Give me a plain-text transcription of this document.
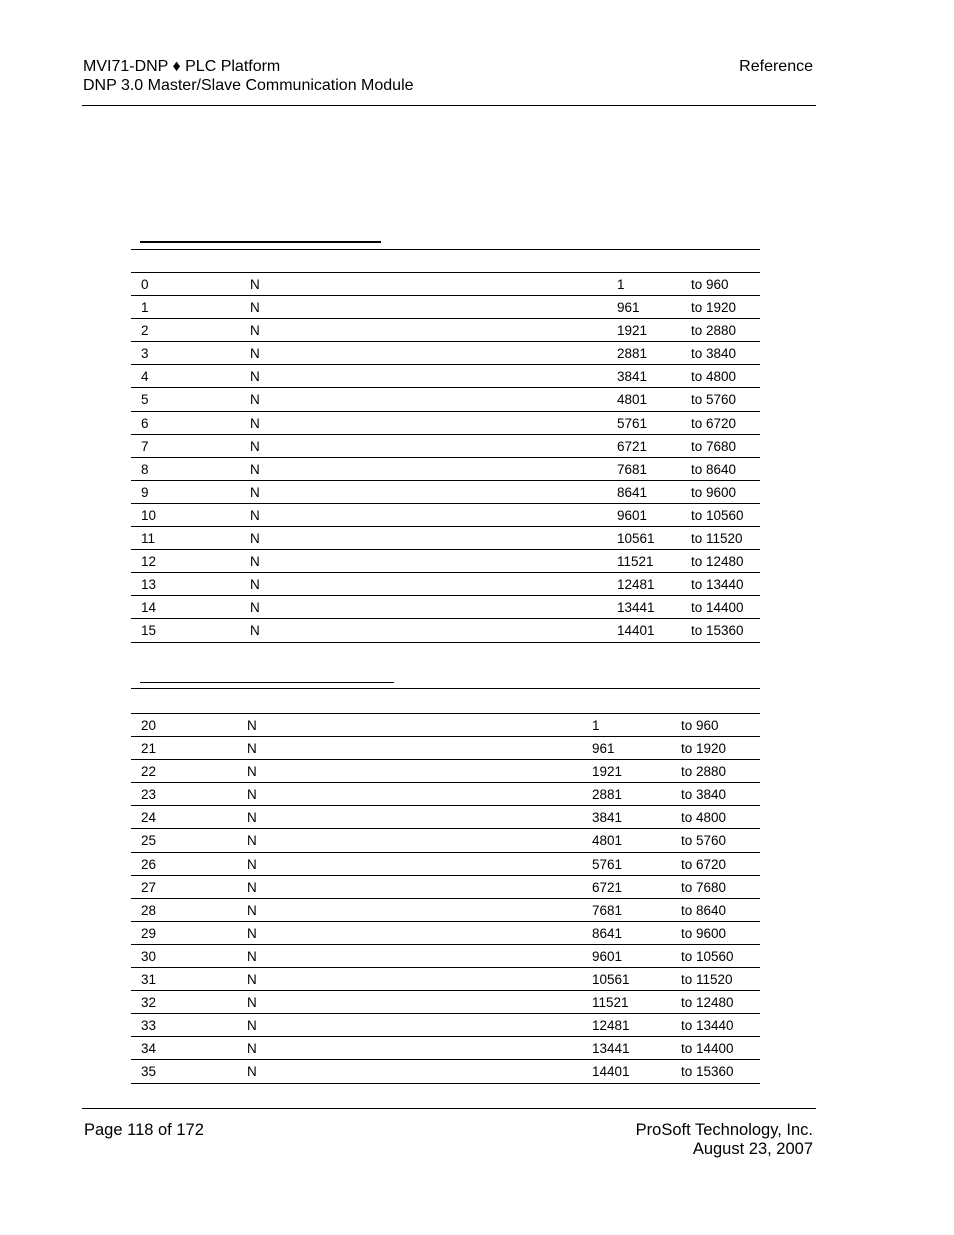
MVI71-DNP ♦ PLC Platform
DNP 3.0 Master/Slave Communication Module
Reference
0	N	1	to 960
1	N	961	to 1920
2	N	1921	to 2880
3	N	2881	to 3840
4	N	3841	to 4800
5	N	4801	to 5760
6	N	5761	to 6720
7	N	6721	to 7680
8	N	7681	to 8640
9	N	8641	to 9600
10	N	9601	to 10560
11	N	10561	to 11520
12	N	11521	to 12480
13	N	12481	to 13440
14	N	13441	to 14400
15	N	14401	to 15360
20	N	1	to 960
21	N	961	to 1920
22	N	1921	to 2880
23	N	2881	to 3840
24	N	3841	to 4800
25	N	4801	to 5760
26	N	5761	to 6720
27	N	6721	to 7680
28	N	7681	to 8640
29	N	8641	to 9600
30	N	9601	to 10560
31	N	10561	to 11520
32	N	11521	to 12480
33	N	12481	to 13440
34	N	13441	to 14400
35	N	14401	to 15360
Page 118 of 172	ProSoft Technology, Inc.
August 23, 2007
